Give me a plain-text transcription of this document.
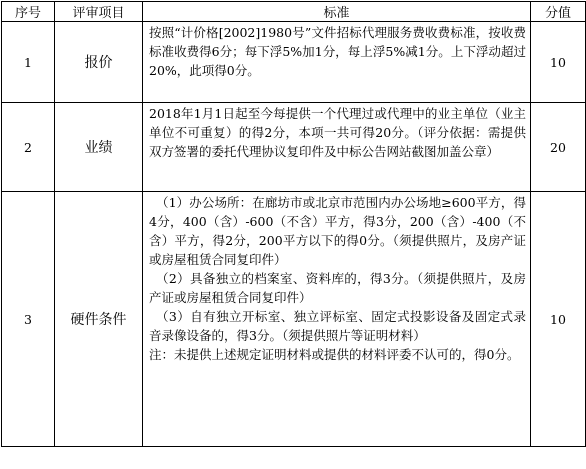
序号	评审项目	标准	分值
1	报价	按照“计价格[2002]1980号”文件招标代理服务费收费标准，按收费标准收费得6分；每下浮5%加1分，每上浮5%减1分。上下浮动超过20%，此项得0分。	10
2	业绩	2018年1月1日起至今每提供一个代理过或代理中的业主单位（业主单位不可重复）的得2分，本项一共可得20分。（评分依据：需提供双方签署的委托代理协议复印件及中标公告网站截图加盖公章）	20
3	硬件条件	（1）办公场所：在廊坊市或北京市范围内办公场地≥600平方，得4分，400（含）-600（不含）平方，得3分，200（含）-400（不含）平方，得2分，200平方以下的得0分。（须提供照片，及房产证或房屋租赁合同复印件）

（2）具备独立的档案室、资料库的，得3分。（须提供照片，及房产证或房屋租赁合同复印件）

（3）自有独立开标室、独立评标室、固定式投影设备及固定式录音录像设备的，得3分。（须提供照片等证明材料）

注：未提供上述规定证明材料或提供的材料评委不认可的，得0分。	10
